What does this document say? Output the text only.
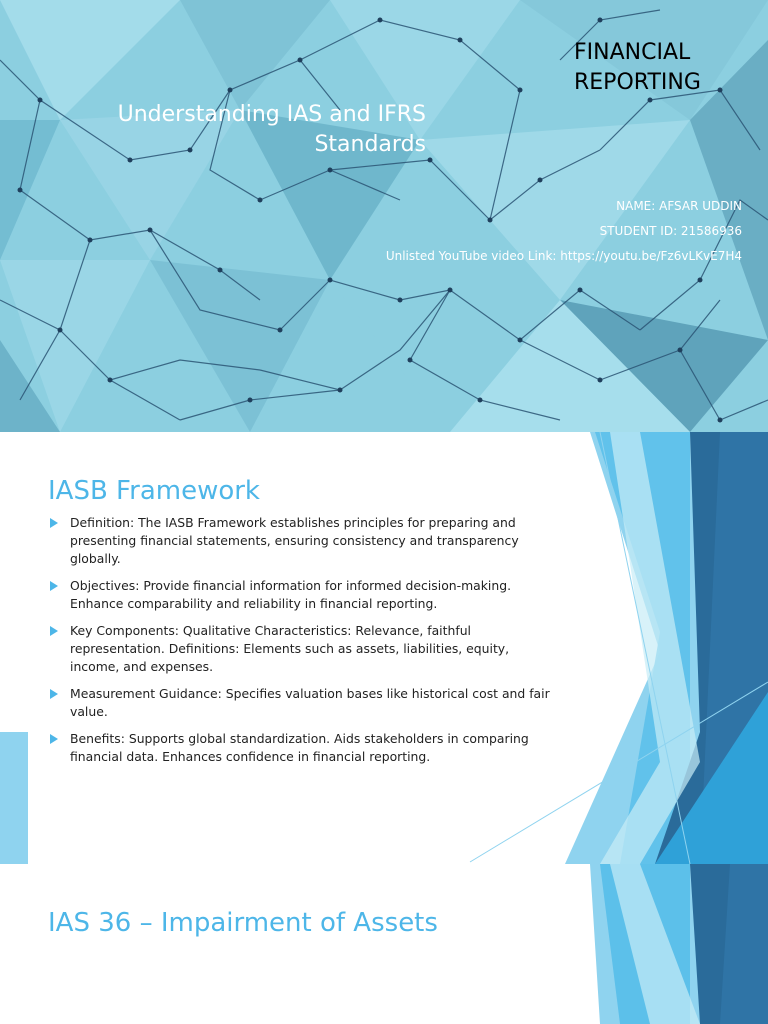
Understanding IAS and IFRS
Standards
FINANCIAL
REPORTING
NAME: AFSAR UDDIN
STUDENT ID: 21586936
Unlisted YouTube video Link: https://youtu.be/Fz6vLKvE7H4
IASB Framework
Definition: The IASB Framework establishes principles for preparing and presenting financial statements, ensuring consistency and transparency globally.
Objectives: Provide financial information for informed decision-making. Enhance comparability and reliability in financial reporting.
Key Components: Qualitative Characteristics: Relevance, faithful representation. Definitions: Elements such as assets, liabilities, equity, income, and expenses.
Measurement Guidance: Specifies valuation bases like historical cost and fair value.
Benefits: Supports global standardization. Aids stakeholders in comparing financial data. Enhances confidence in financial reporting.
IAS 36 – Impairment of Assets
